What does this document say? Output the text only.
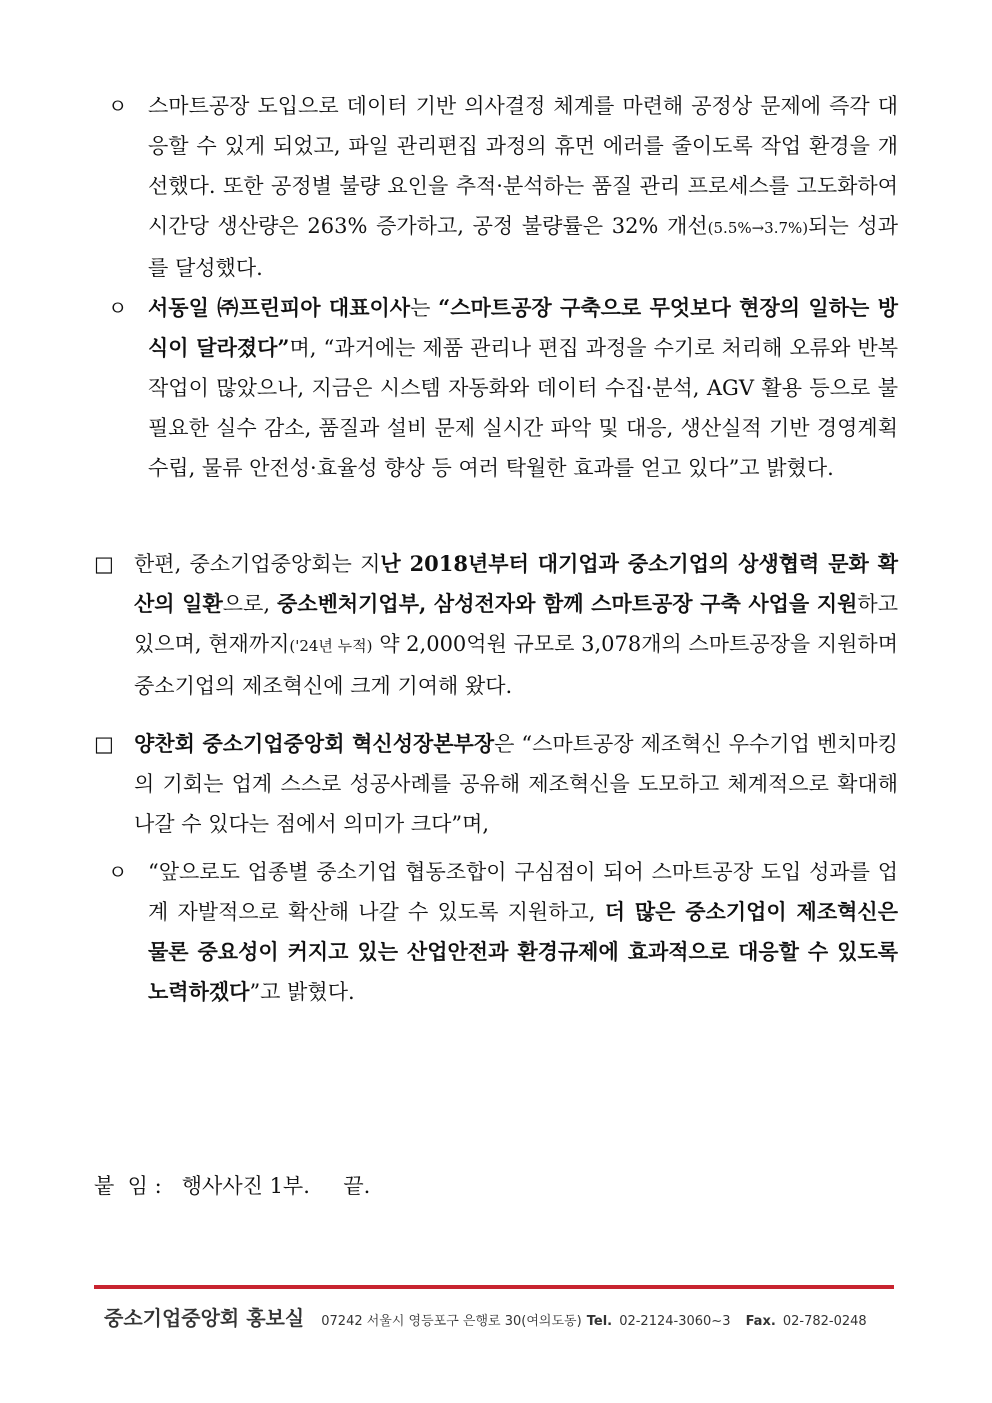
ㅇ 스마트공장 도입으로 데이터 기반 의사결정 체계를 마련해 공정상 문제에 즉각 대응할 수 있게 되었고, 파일 관리편집 과정의 휴먼 에러를 줄이도록 작업 환경을 개선했다. 또한 공정별 불량 요인을 추적·분석하는 품질 관리 프로세스를 고도화하여 시간당 생산량은 263% 증가하고, 공정 불량률은 32% 개선(5.5%→3.7%)되는 성과를 달성했다.
ㅇ 서동일 ㈜프린피아 대표이사는 “스마트공장 구축으로 무엇보다 현장의 일하는 방식이 달라졌다”며, “과거에는 제품 관리나 편집 과정을 수기로 처리해 오류와 반복 작업이 많았으나, 지금은 시스템 자동화와 데이터 수집·분석, AGV 활용 등으로 불필요한 실수 감소, 품질과 설비 문제 실시간 파악 및 대응, 생산실적 기반 경영계획 수립, 물류 안전성·효율성 향상 등 여러 탁월한 효과를 얻고 있다”고 밝혔다.
□ 한편, 중소기업중앙회는 지난 2018년부터 대기업과 중소기업의 상생협력 문화 확산의 일환으로, 중소벤처기업부, 삼성전자와 함께 스마트공장 구축 사업을 지원하고 있으며, 현재까지('24년 누적) 약 2,000억원 규모로 3,078개의 스마트공장을 지원하며 중소기업의 제조혁신에 크게 기여해 왔다.
□ 양찬회 중소기업중앙회 혁신성장본부장은 “스마트공장 제조혁신 우수기업 벤치마킹의 기회는 업계 스스로 성공사례를 공유해 제조혁신을 도모하고 체계적으로 확대해 나갈 수 있다는 점에서 의미가 크다”며,
ㅇ “앞으로도 업종별 중소기업 협동조합이 구심점이 되어 스마트공장 도입 성과를 업계 자발적으로 확산해 나갈 수 있도록 지원하고, 더 많은 중소기업이 제조혁신은 물론 중요성이 커지고 있는 산업안전과 환경규제에 효과적으로 대응할 수 있도록 노력하겠다”고 밝혔다.
붙  임 : 행사사진 1부. 끝.
중소기업중앙회 홍보실 07242 서울시 영등포구 은행로 30(여의도동) Tel. 02-2124-3060~3 Fax. 02-782-0248
